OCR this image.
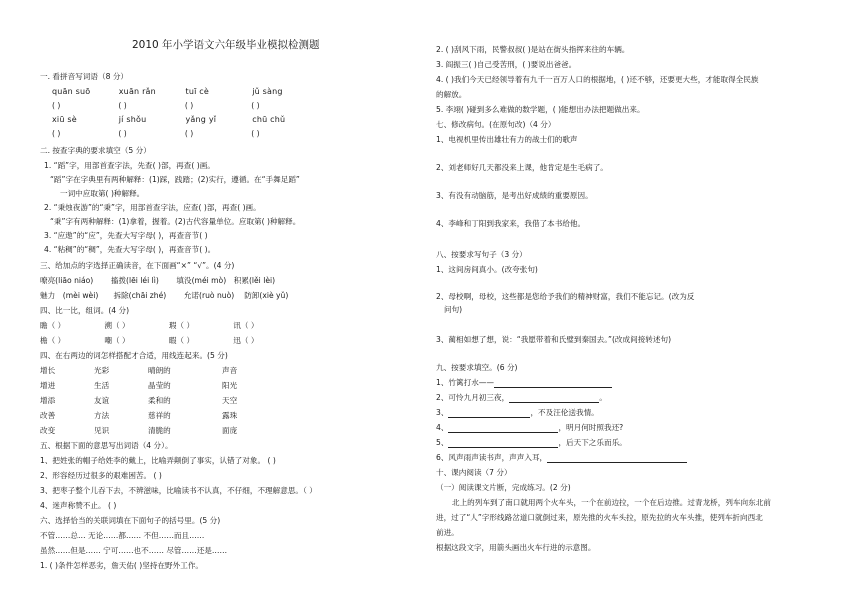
2010 年小学语文六年级毕业模拟检测题
一. 看拼音写词语（8 分）
quān suō	xuān rǎn	tuī cè	jǔ sàng
( )	( )	( )	( )
xiū sè	jí shǒu	yǎng yǐ	chū chǔ
( )	( )	( )	( )
二. 按查字典的要求填空（5 分）
1. “蹈”字，用部首查字法，先查( )部，再查( )画。
“蹈”字在字典里有两种解释：(1)踩，践踏；(2)实行，遵循。在“手舞足蹈”
一词中应取第( )种解释。
2. “秉烛夜游”的“秉”字，用部首查字法，应查( )部，再查( )画。
“秉”字有两种解释：(1)拿着，握着。(2)古代容量单位。应取第( )种解释。
3. “应遨”的“应”，先查大写字母( )，再查音节( )
4. “粘稠”的“稠”，先查大写字母( )，再查音节( )。
三、给加点的字选择正确读音，在下面画“×” “√”。(4 分)
嘹亮(liāo niáo)　　 搐拨(lēi léi lì)　　 填没(méi mò)　积累(lěi lèi)
魅力　(mèi wèi)　　拆除(chāi zhé)　　 允诺(ruò nuò)　 防卸(xiè yǔ)
四、比一比，组词。(4 分)
瞻（ ）	溯（ ）	瑕（ ）	讯（ ）
檐（ ）	嘲（ ）	暇（ ）	迅（ ）
四、在右两边的词怎样搭配才合适，用线连起来。(5 分)
增长	光彩	晴朗的	声音
增进	生活	晶莹的	阳光
增添	友谊	柔和的	天空
改善	方法	慈祥的	露珠
改变	见识	清脆的	面庞
五、根据下面的意思写出词语（4 分）。
1、把姓张的帽子给姓李的戴上，比喻弄颠倒了事实，认错了对象。 ( )
2、形容经历过很多的艰难困苦。 ( )
3、把枣子整个儿吞下去，不辨滋味，比喻读书不认真，不仔细，不理解意思。（ ）
4、迷声称赞不止。 ( )
六、选择恰当的关联词填在下面句子的括号里。(5 分)
不管……总… 无论……都…… 不但……而且……
虽然……但是…… 宁可……也不…… 尽管……还是……
1. ( )条件怎样恶劣，詹天佑( )坚持在野外工作。
2. ( )刮风下雨，民警叔叔( )是站在街头指挥来往的车辆。
3. 阎振三( )自己受苦刑，( )要说出爸爸。
4. ( )我们今天已经领导着有九千一百万人口的根据地，( )还不够，还要更大些，才能取得全民族
的解放。
5. 李翊( )碰到多么难做的数学题，( )能想出办法把题做出来。
七、修改病句。(在原句改)（4 分）
1、电视机里传出雄壮有力的战士们的歌声
2、刘老师好几天都没来上课，他肯定是生毛病了。
3、有没有动脑筋，是考出好成绩的重要原因。
4、李峰和丁阳到我家来，我借了本书给他。
八、按要求写句子（3 分）
1、这间房间真小。(改夸张句)
2、母校啊，母校，这些都是您给予我们的精神财富，我们不能忘记。(改为反
问句)
3、蔺相如想了想，说：“我愿带着和氏璧到秦国去。”(改成间接转述句)
九、按要求填空。(6 分)
1、竹篱打水——
2、可怜九月初三夜，	。
3、	，不及汪伦送我情。
4、	，明月何时照我还?
5、	，后天下之乐而乐。
6、风声雨声读书声，声声入耳，
十、课内阅读（7 分）
（一）阅读课文片断，完成练习。(2 分)
北上的列车到了南口就用两个火车头，一个在前边拉，一个在后边推。过青龙桥，列车向东北前
进，过了“人”字形线路岔道口就倒过来，原先推的火车头拉，原先拉的火车头推，使列车折向西北
前进。
根据这段文字，用箭头画出火车行进的示意图。
